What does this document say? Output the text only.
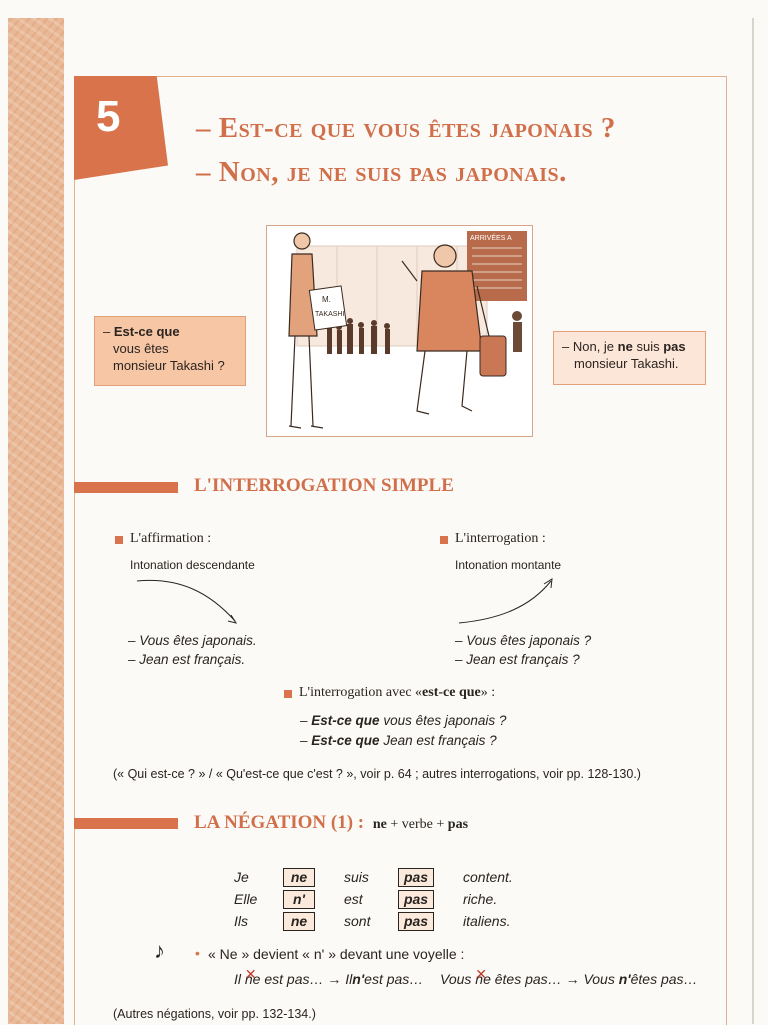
5	– Est-ce que vous êtes japonais ?
– Non, je ne suis pas japonais.
– Est-ce que
vous êtes
monsieur Takashi ?
– Non, je ne suis pas
monsieur Takashi.
ARRIVÉES A
M.
TAKASHI
L'INTERROGATION SIMPLE
L'affirmation :
Intonation descendante
– Vous êtes japonais.
– Jean est français.
L'interrogation :
Intonation montante
– Vous êtes japonais ?
– Jean est français ?
L'interrogation avec «est-ce que» :
– Est-ce que vous êtes japonais ?
– Est-ce que Jean est français ?
(« Qui est-ce ? » / « Qu'est-ce que c'est ? », voir p. 64 ; autres interrogations, voir pp. 128-130.)
LA NÉGATION (1) : ne + verbe + pas
Je	ne	suis	pas	content.
Elle	n'	est	pas	riche.
Ils	ne	sont	pas	italiens.
♪ • « Ne » devient « n' » devant une voyelle :
Il ne ✕ est pas… → Iln'est pas… Vous ne ✕ êtes pas… → Vous n'êtes pas…
(Autres négations, voir pp. 132-134.)
